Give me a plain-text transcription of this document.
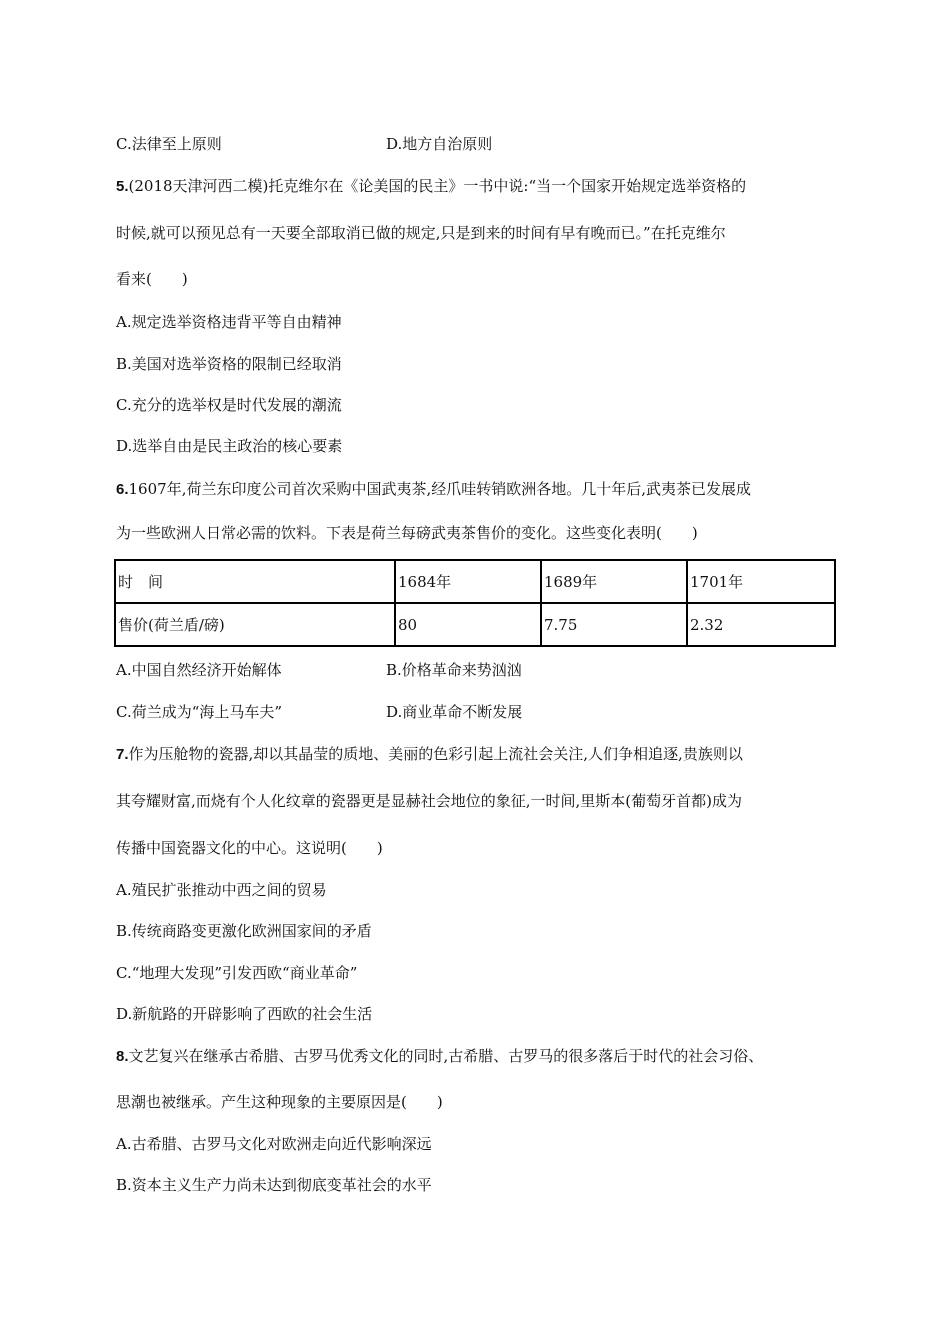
C.法律至上原则	D.地方自治原则
5.(2018天津河西二模)托克维尔在《论美国的民主》一书中说:“当一个国家开始规定选举资格的
时候,就可以预见总有一天要全部取消已做的规定,只是到来的时间有早有晚而已。”在托克维尔
看来(　　)
A.规定选举资格违背平等自由精神
B.美国对选举资格的限制已经取消
C.充分的选举权是时代发展的潮流
D.选举自由是民主政治的核心要素
6.1607年,荷兰东印度公司首次采购中国武夷茶,经爪哇转销欧洲各地。几十年后,武夷茶已发展成
为一些欧洲人日常必需的饮料。下表是荷兰每磅武夷茶售价的变化。这些变化表明(　　)
时　间	1684年	1689年	1701年
售价(荷兰盾/磅)	80	7.75	2.32
A.中国自然经济开始解体	B.价格革命来势汹汹
C.荷兰成为“海上马车夫”	D.商业革命不断发展
7.作为压舱物的瓷器,却以其晶莹的质地、美丽的色彩引起上流社会关注,人们争相追逐,贵族则以
其夸耀财富,而烧有个人化纹章的瓷器更是显赫社会地位的象征,一时间,里斯本(葡萄牙首都)成为
传播中国瓷器文化的中心。这说明(　　)
A.殖民扩张推动中西之间的贸易
B.传统商路变更激化欧洲国家间的矛盾
C.“地理大发现”引发西欧“商业革命”
D.新航路的开辟影响了西欧的社会生活
8.文艺复兴在继承古希腊、古罗马优秀文化的同时,古希腊、古罗马的很多落后于时代的社会习俗、
思潮也被继承。产生这种现象的主要原因是(　　)
A.古希腊、古罗马文化对欧洲走向近代影响深远
B.资本主义生产力尚未达到彻底变革社会的水平
